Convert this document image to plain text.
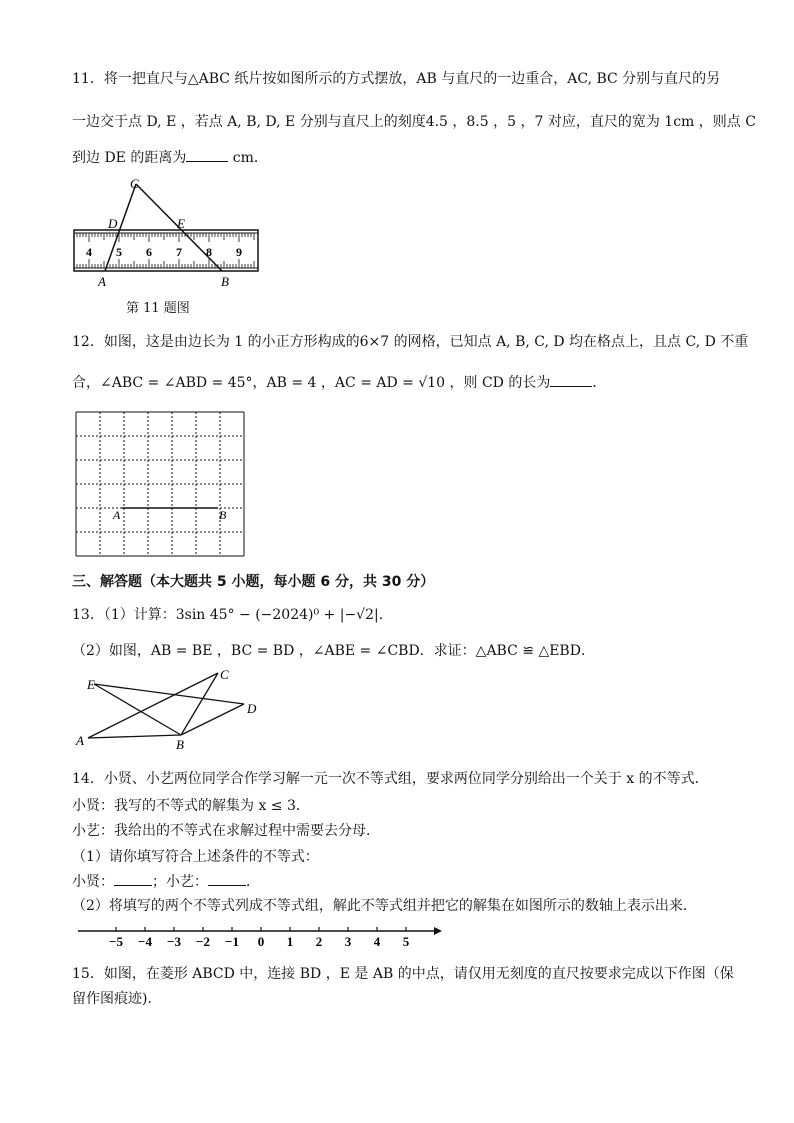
11．将一把直尺与△ABC 纸片按如图所示的方式摆放，AB 与直尺的一边重合，AC, BC 分别与直尺的另
一边交于点 D, E ，若点 A, B, D, E 分别与直尺上的刻度4.5 ，8.5 ，5 ，7 对应，直尺的宽为 1cm ，则点 C
到边 DE 的距离为	cm．
4 5 6 7 8 9
C
D	E
A	B
第 11 题图
12．如图，这是由边长为 1 的小正方形构成的6×7 的网格，已知点 A, B, C, D 均在格点上，且点 C, D 不重
合，∠ABC = ∠ABD = 45°，AB = 4 ，AC = AD = √10 ，则 CD 的长为	．
A	B
三、解答题（本大题共 5 小题，每小题 6 分，共 30 分）
13．（1）计算：3sin 45° − (−2024)⁰ + |−√2|．
（2）如图，AB = BE ，BC = BD ，∠ABE = ∠CBD．求证：△ABC ≌ △EBD．
E
C
D
A	B
14．小贤、小艺两位同学合作学习解一元一次不等式组，要求两位同学分别给出一个关于 x 的不等式．
小贤：我写的不等式的解集为 x ≤ 3．
小艺：我给出的不等式在求解过程中需要去分母．
（1）请你填写符合上述条件的不等式：
小贤：	；小艺：	．
（2）将填写的两个不等式列成不等式组，解此不等式组并把它的解集在如图所示的数轴上表示出来．
−5 −4 −3 −2 −1 0 1 2 3 4 5
15．如图，在菱形 ABCD 中，连接 BD ，E 是 AB 的中点，请仅用无刻度的直尺按要求完成以下作图（保
留作图痕迹)．
